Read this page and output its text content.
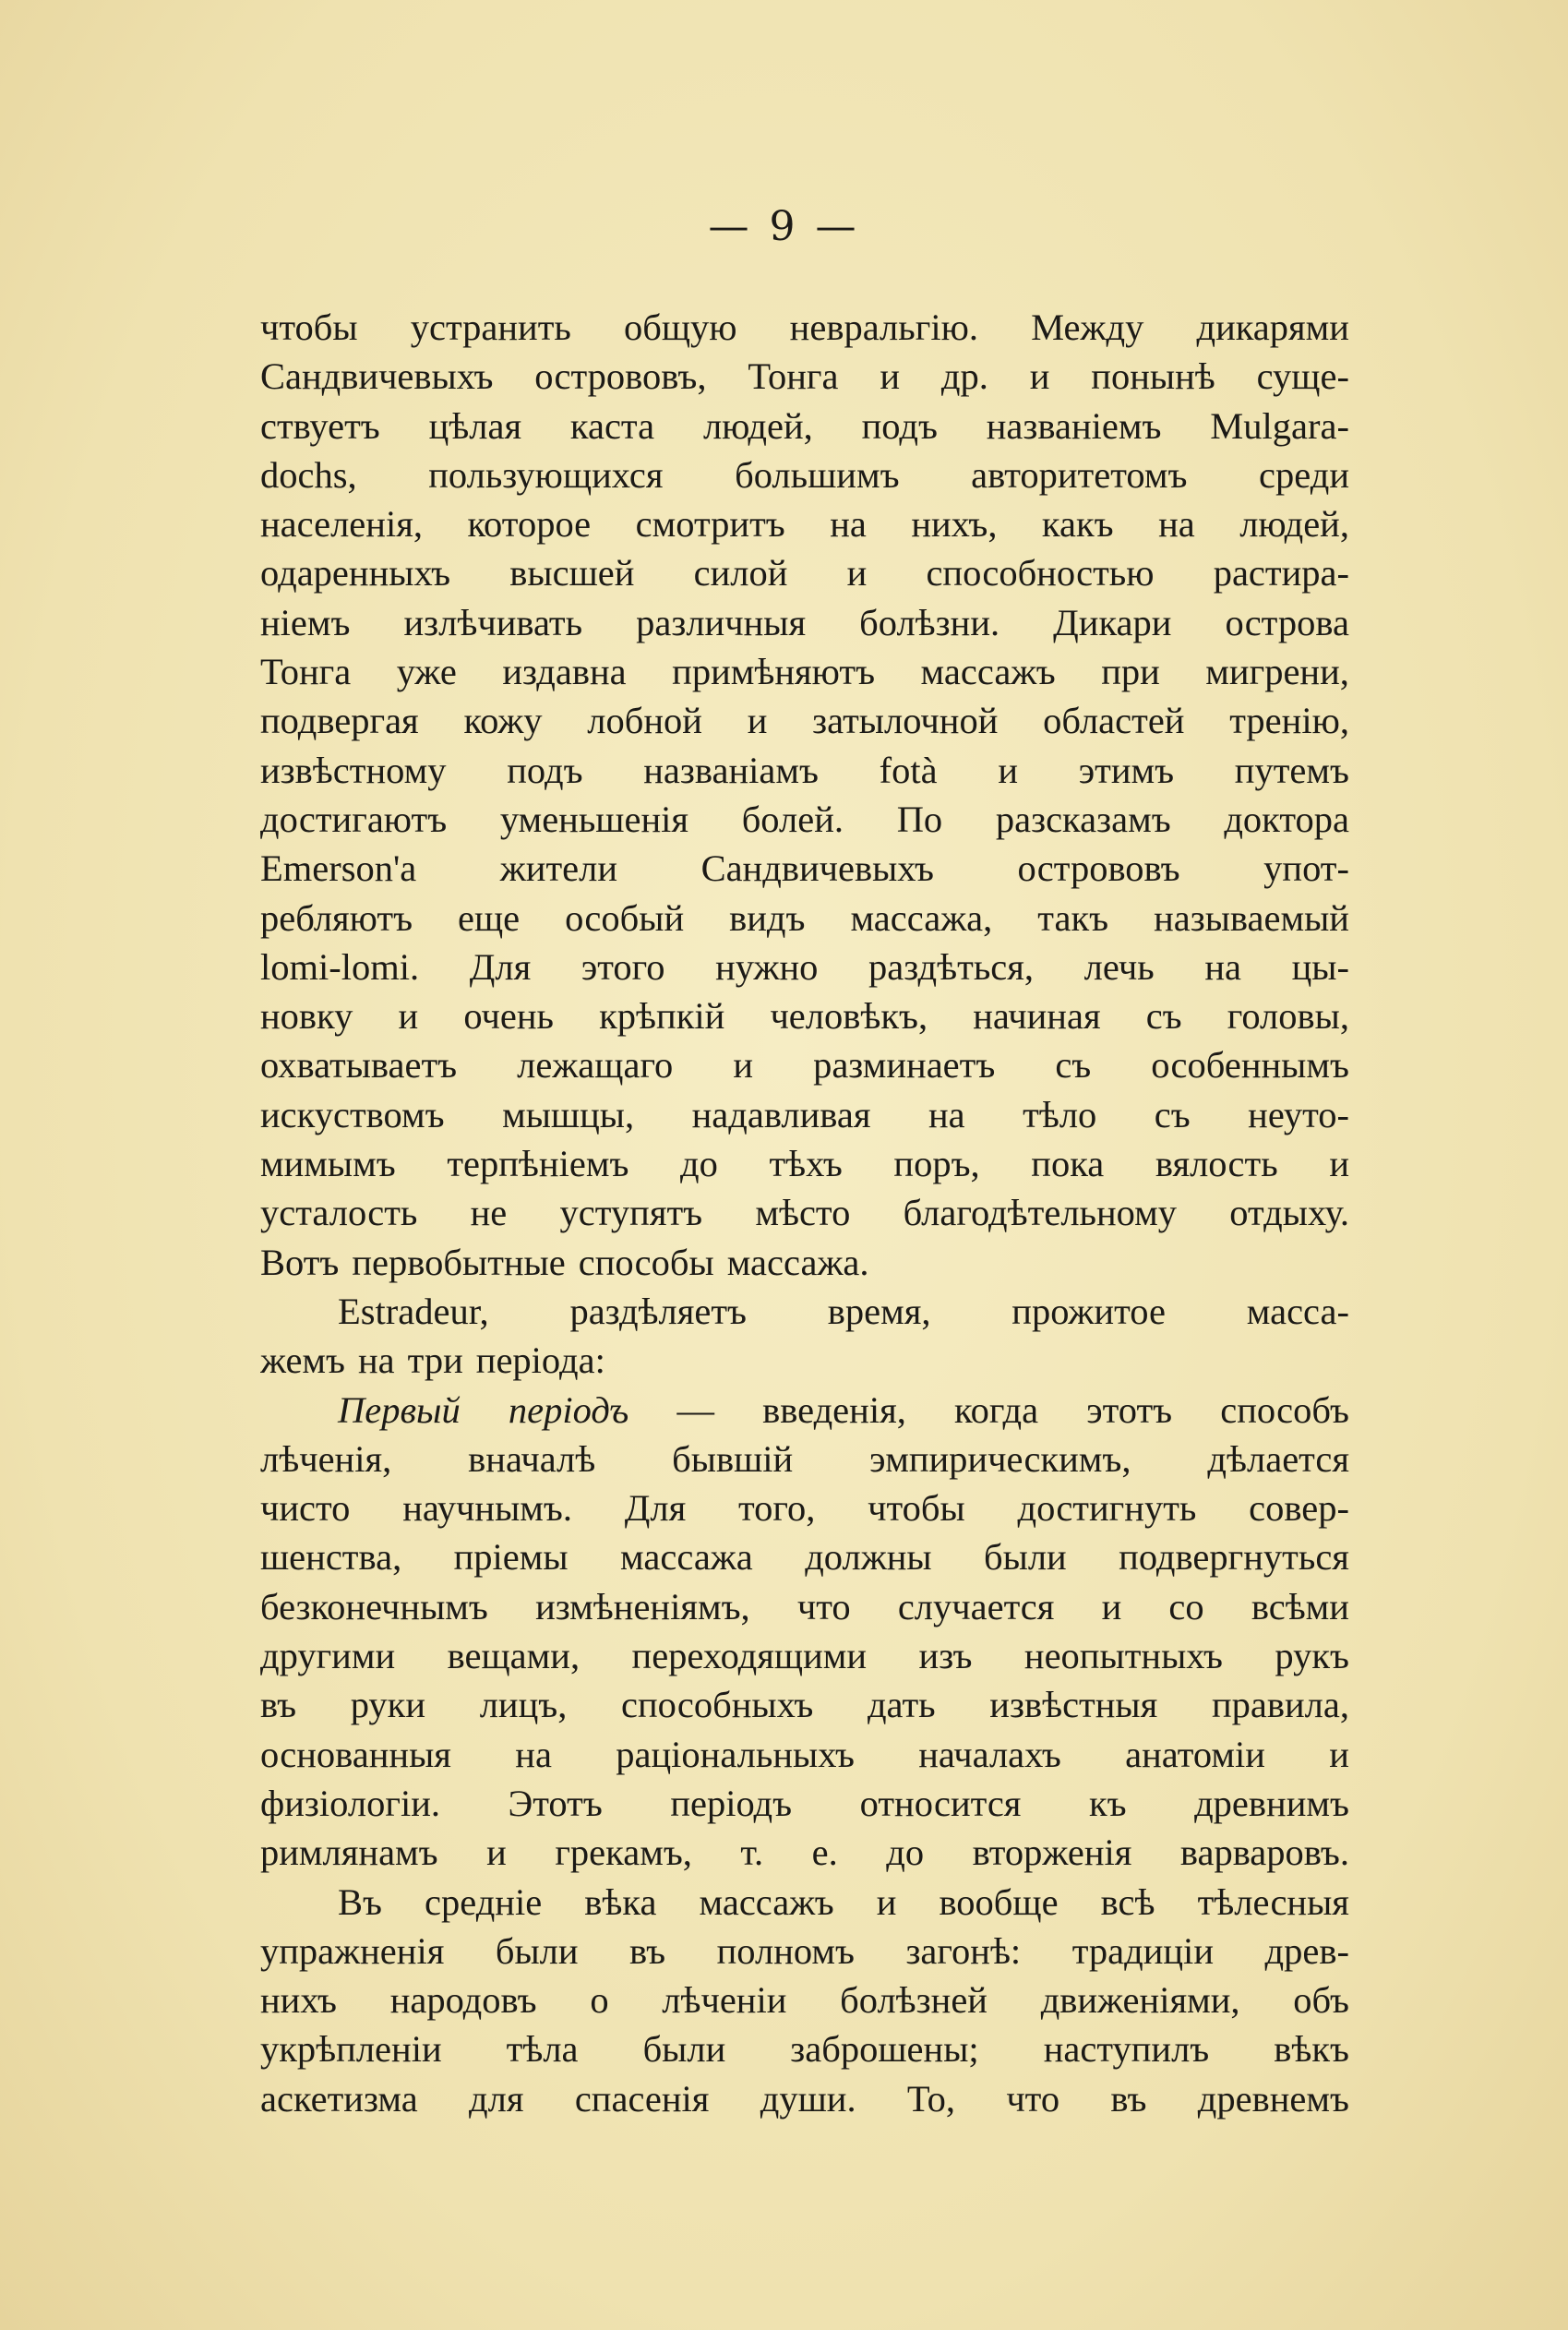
— 9 —
чтобы устранить общую невральгію. Между дикарями
Сандвичевыхъ острововъ, Тонга и др. и понынѣ суще-
ствуетъ цѣлая каста людей, подъ названіемъ Mulgara-
dochs, пользующихся большимъ авторитетомъ среди
населенія, которое смотритъ на нихъ, какъ на людей,
одаренныхъ высшей силой и способностью растира-
ніемъ излѣчивать различныя болѣзни. Дикари острова
Тонга уже издавна примѣняютъ массажъ при мигрени,
подвергая кожу лобной и затылочной областей тренію,
извѣстному подъ названіамъ fotà и этимъ путемъ
достигаютъ уменьшенія болей. По разсказамъ доктора
Emerson'a жители Сандвичевыхъ острововъ упот-
ребляютъ еще особый видъ массажа, такъ называемый
lomi-lomi. Для этого нужно раздѣться, лечь на цы-
новку и очень крѣпкій человѣкъ, начиная съ головы,
охватываетъ лежащаго и разминаетъ съ особеннымъ
искуствомъ мышцы, надавливая на тѣло съ неуто-
мимымъ терпѣніемъ до тѣхъ поръ, пока вялость и
усталость не уступятъ мѣсто благодѣтельному отдыху.
Вотъ первобытные способы массажа.
Estradeur, раздѣляетъ время, прожитое масса-
жемъ на три періода:
Первый періодъ — введенія, когда этотъ способъ
лѣченія, вначалѣ бывшій эмпирическимъ, дѣлается
чисто научнымъ. Для того, чтобы достигнуть совер-
шенства, пріемы массажа должны были подвергнуться
безконечнымъ измѣненіямъ, что случается и со всѣми
другими вещами, переходящими изъ неопытныхъ рукъ
въ руки лицъ, способныхъ дать извѣстныя правила,
основанныя на раціональныхъ началахъ анатоміи и
физіологіи. Этотъ періодъ относится къ древнимъ
римлянамъ и грекамъ, т. е. до вторженія варваровъ.
Въ средніе вѣка массажъ и вообще всѣ тѣлесныя
упражненія были въ полномъ загонѣ: традиціи древ-
нихъ народовъ о лѣченіи болѣзней движеніями, объ
укрѣпленіи тѣла были заброшены; наступилъ вѣкъ
аскетизма для спасенія души. То, что въ древнемъ
